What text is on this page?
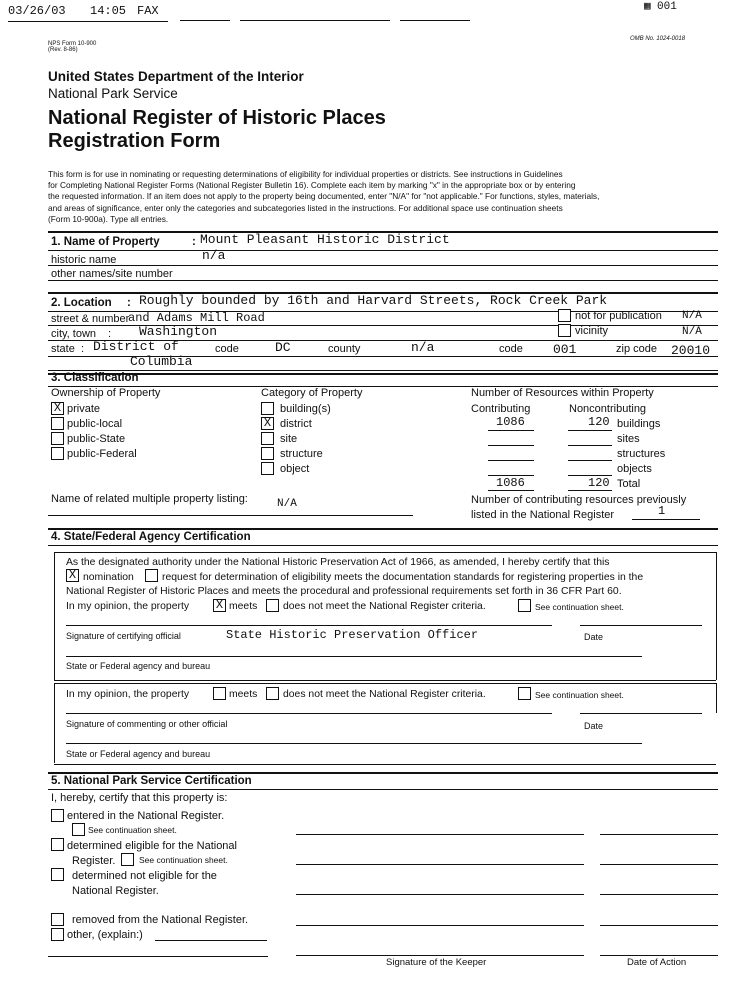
03/26/03 14:05 FAX	▦ 001
NPS Form 10-900
(Rev. 8-86)
OMB No. 1024-0018
United States Department of the Interior
National Park Service
National Register of Historic Places
Registration Form
This form is for use in nominating or requesting determinations of eligibility for individual properties or districts. See instructions in Guidelines
for Completing National Register Forms (National Register Bulletin 16). Complete each item by marking "x" in the appropriate box or by entering
the requested information. If an item does not apply to the property being documented, enter "N/A" for "not applicable." For functions, styles, materials,
and areas of significance, enter only the categories and subcategories listed in the instructions. For additional space use continuation sheets
(Form 10-900a). Type all entries.
1. Name of Property	: Mount Pleasant Historic District
historic name	n/a
other names/site number
2. Location : Roughly bounded by 16th and Harvard Streets, Rock Creek Park
street & number
and Adams Mill Road	not for publication N/A
city, town : Washington	vicinity	N/A
state : District of
Columbia
code	DC	county	n/a	code 001	zip code 20010
3. Classification
Ownership of Property
X private
public-local
public-State
public-Federal
Category of Property
building(s)
X district
site
structure
object
Number of Resources within Property
Contributing	Noncontributing
1086	120 buildings
sites
structures
objects
1086	120 Total
Name of related multiple property listing:	N/A	Number of contributing resources previously
listed in the National Register	1
4. State/Federal Agency Certification
As the designated authority under the National Historic Preservation Act of 1966, as amended, I hereby certify that this
X nomination	request for determination of eligibility meets the documentation standards for registering properties in the
National Register of Historic Places and meets the procedural and professional requirements set forth in 36 CFR Part 60.
In my opinion, the property X meets does not meet the National Register criteria.	See continuation sheet.
Signature of certifying official	State Historic Preservation Officer	Date
State or Federal agency and bureau
In my opinion, the property	meets does not meet the National Register criteria.	See continuation sheet.
Signature of commenting or other official	Date
State or Federal agency and bureau
5. National Park Service Certification
I, hereby, certify that this property is:
entered in the National Register.
See continuation sheet.
determined eligible for the National
Register.	See continuation sheet.
determined not eligible for the
National Register.
removed from the National Register.
other, (explain:)
Signature of the Keeper	Date of Action
